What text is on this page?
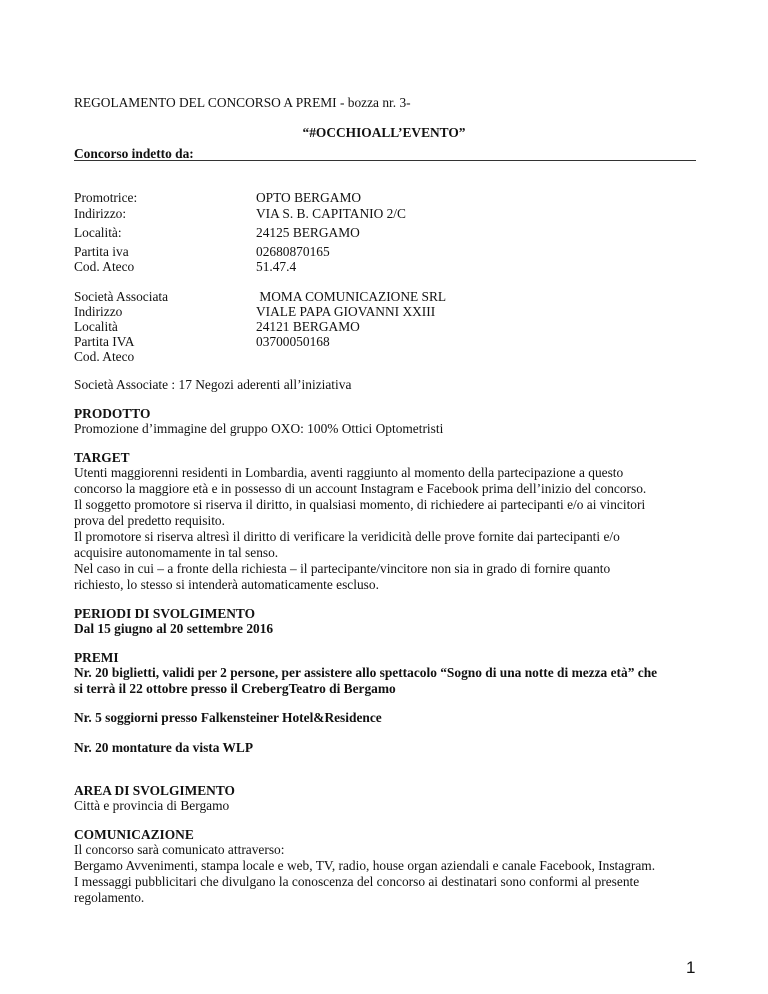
REGOLAMENTO DEL CONCORSO A PREMI - bozza nr. 3-
“#OCCHIOALL’EVENTO”
Concorso indetto da:
Promotrice:
Indirizzo:
Località:
Partita iva
Cod. Ateco
OPTO BERGAMO
VIA S. B. CAPITANIO 2/C
24125 BERGAMO
02680870165
51.47.4
Società Associata
Indirizzo
Località
Partita IVA
Cod. Ateco
MOMA COMUNICAZIONE SRL
VIALE PAPA GIOVANNI XXIII
24121 BERGAMO
03700050168
Società Associate : 17 Negozi aderenti all’iniziativa
PRODOTTO
Promozione d’immagine del gruppo OXO: 100% Ottici Optometristi
TARGET
Utenti maggiorenni residenti in Lombardia, aventi raggiunto al momento della partecipazione a questo
concorso la maggiore età e in possesso di un account Instagram e Facebook prima dell’inizio del concorso.
Il soggetto promotore si riserva il diritto, in qualsiasi momento, di richiedere ai partecipanti e/o ai vincitori
prova del predetto requisito.
Il promotore si riserva altresì il diritto di verificare la veridicità delle prove fornite dai partecipanti e/o
acquisire autonomamente in tal senso.
Nel caso in cui – a fronte della richiesta – il partecipante/vincitore non sia in grado di fornire quanto
richiesto, lo stesso si intenderà automaticamente escluso.
PERIODI DI SVOLGIMENTO
Dal 15 giugno al 20 settembre 2016
PREMI
Nr. 20 biglietti, validi per 2 persone, per assistere allo spettacolo “Sogno di una notte di mezza età” che
si terrà il 22 ottobre presso il CrebergTeatro di Bergamo
Nr. 5 soggiorni presso Falkensteiner Hotel&Residence
Nr. 20 montature da vista WLP
AREA DI SVOLGIMENTO
Città e provincia di Bergamo
COMUNICAZIONE
Il concorso sarà comunicato attraverso:
Bergamo Avvenimenti, stampa locale e web, TV, radio, house organ aziendali e canale Facebook, Instagram.
I messaggi pubblicitari che divulgano la conoscenza del concorso ai destinatari sono conformi al presente
regolamento.
1
